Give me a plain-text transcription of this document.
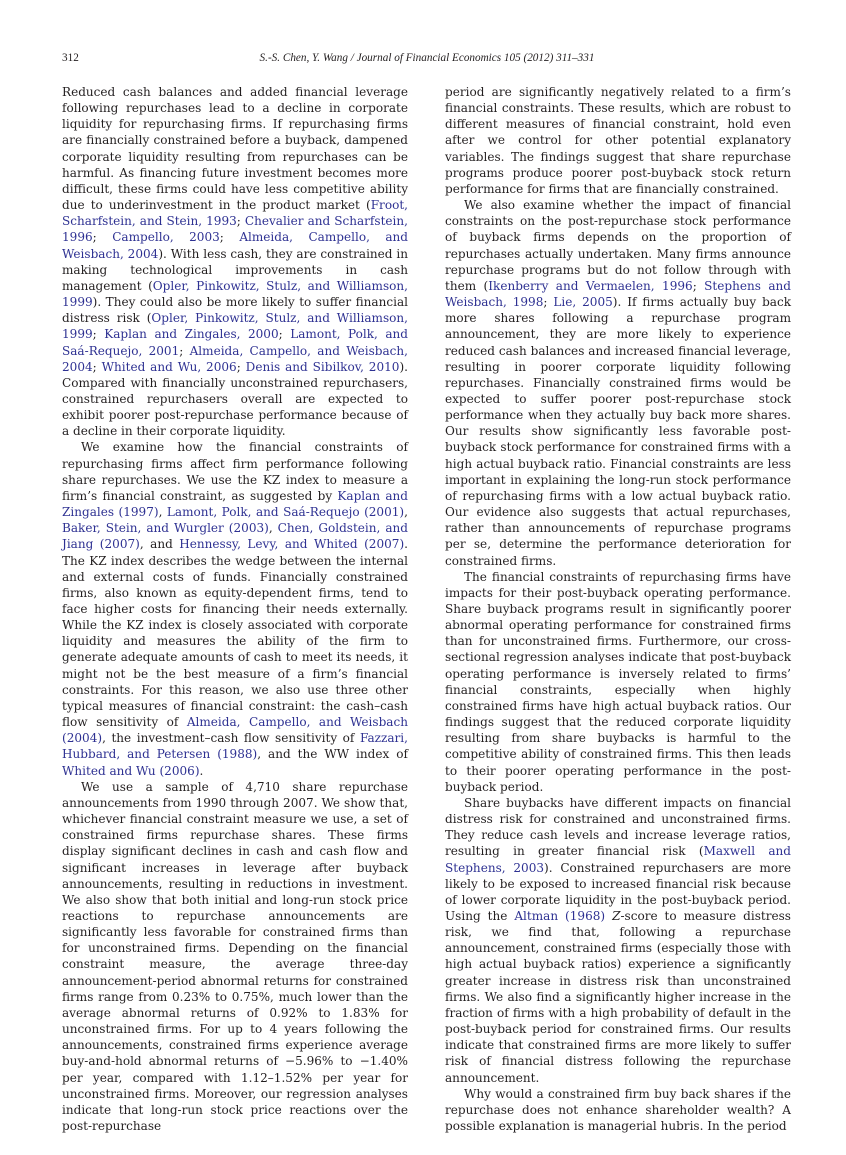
312	S.-S. Chen, Y. Wang / Journal of Financial Economics 105 (2012) 311–331

Reduced cash balances and added financial leverage following repurchases lead to a decline in corporate liquidity for repurchasing firms. If repurchasing firms are financially constrained before a buyback, dampened corporate liquidity resulting from repurchases can be harmful. As financing future investment becomes more difficult, these firms could have less competitive ability due to underinvestment in the product market (Froot, Scharfstein, and Stein, 1993; Chevalier and Scharfstein, 1996; Campello, 2003; Almeida, Campello, and Weisbach, 2004). With less cash, they are constrained in making technological improvements in cash management (Opler, Pinkowitz, Stulz, and Williamson, 1999). They could also be more likely to suffer financial distress risk (Opler, Pinkowitz, Stulz, and Williamson, 1999; Kaplan and Zingales, 2000; Lamont, Polk, and Saá-Requejo, 2001; Almeida, Campello, and Weisbach, 2004; Whited and Wu, 2006; Denis and Sibilkov, 2010). Compared with financially unconstrained repurchasers, constrained repurchasers overall are expected to exhibit poorer post-repurchase performance because of a decline in their corporate liquidity.

We examine how the financial constraints of repurchasing firms affect firm performance following share repurchases. We use the KZ index to measure a firm’s financial constraint, as suggested by Kaplan and Zingales (1997), Lamont, Polk, and Saá-Requejo (2001), Baker, Stein, and Wurgler (2003), Chen, Goldstein, and Jiang (2007), and Hennessy, Levy, and Whited (2007). The KZ index describes the wedge between the internal and external costs of funds. Financially constrained firms, also known as equity-dependent firms, tend to face higher costs for financing their needs externally. While the KZ index is closely associated with corporate liquidity and measures the ability of the firm to generate adequate amounts of cash to meet its needs, it might not be the best measure of a firm’s financial constraints. For this reason, we also use three other typical measures of financial constraint: the cash–cash flow sensitivity of Almeida, Campello, and Weisbach (2004), the investment–cash flow sensitivity of Fazzari, Hubbard, and Petersen (1988), and the WW index of Whited and Wu (2006).

We use a sample of 4,710 share repurchase announcements from 1990 through 2007. We show that, whichever financial constraint measure we use, a set of constrained firms repurchase shares. These firms display significant declines in cash and cash flow and significant increases in leverage after buyback announcements, resulting in reductions in investment. We also show that both initial and long-run stock price reactions to repurchase announcements are significantly less favorable for constrained firms than for unconstrained firms. Depending on the financial constraint measure, the average three-day announcement-period abnormal returns for constrained firms range from 0.23% to 0.75%, much lower than the average abnormal returns of 0.92% to 1.83% for unconstrained firms. For up to 4 years following the announcements, constrained firms experience average buy-and-hold abnormal returns of −5.96% to −1.40% per year, compared with 1.12–1.52% per year for unconstrained firms. Moreover, our regression analyses indicate that long-run stock price reactions over the post-repurchase

period are significantly negatively related to a firm’s financial constraints. These results, which are robust to different measures of financial constraint, hold even after we control for other potential explanatory variables. The findings suggest that share repurchase programs produce poorer post-buyback stock return performance for firms that are financially constrained.

We also examine whether the impact of financial constraints on the post-repurchase stock performance of buyback firms depends on the proportion of repurchases actually undertaken. Many firms announce repurchase programs but do not follow through with them (Ikenberry and Vermaelen, 1996; Stephens and Weisbach, 1998; Lie, 2005). If firms actually buy back more shares following a repurchase program announcement, they are more likely to experience reduced cash balances and increased financial leverage, resulting in poorer corporate liquidity following repurchases. Financially constrained firms would be expected to suffer poorer post-repurchase stock performance when they actually buy back more shares. Our results show significantly less favorable post-buyback stock performance for constrained firms with a high actual buyback ratio. Financial constraints are less important in explaining the long-run stock performance of repurchasing firms with a low actual buyback ratio. Our evidence also suggests that actual repurchases, rather than announcements of repurchase programs per se, determine the performance deterioration for constrained firms.

The financial constraints of repurchasing firms have impacts for their post-buyback operating performance. Share buyback programs result in significantly poorer abnormal operating performance for constrained firms than for unconstrained firms. Furthermore, our cross-sectional regression analyses indicate that post-buyback operating performance is inversely related to firms’ financial constraints, especially when highly constrained firms have high actual buyback ratios. Our findings suggest that the reduced corporate liquidity resulting from share buybacks is harmful to the competitive ability of constrained firms. This then leads to their poorer operating performance in the post-buyback period.

Share buybacks have different impacts on financial distress risk for constrained and unconstrained firms. They reduce cash levels and increase leverage ratios, resulting in greater financial risk (Maxwell and Stephens, 2003). Constrained repurchasers are more likely to be exposed to increased financial risk because of lower corporate liquidity in the post-buyback period. Using the Altman (1968) Z-score to measure distress risk, we find that, following a repurchase announcement, constrained firms (especially those with high actual buyback ratios) experience a significantly greater increase in distress risk than unconstrained firms. We also find a significantly higher increase in the fraction of firms with a high probability of default in the post-buyback period for constrained firms. Our results indicate that constrained firms are more likely to suffer risk of financial distress following the repurchase announcement.

Why would a constrained firm buy back shares if the repurchase does not enhance shareholder wealth? A possible explanation is managerial hubris. In the period
